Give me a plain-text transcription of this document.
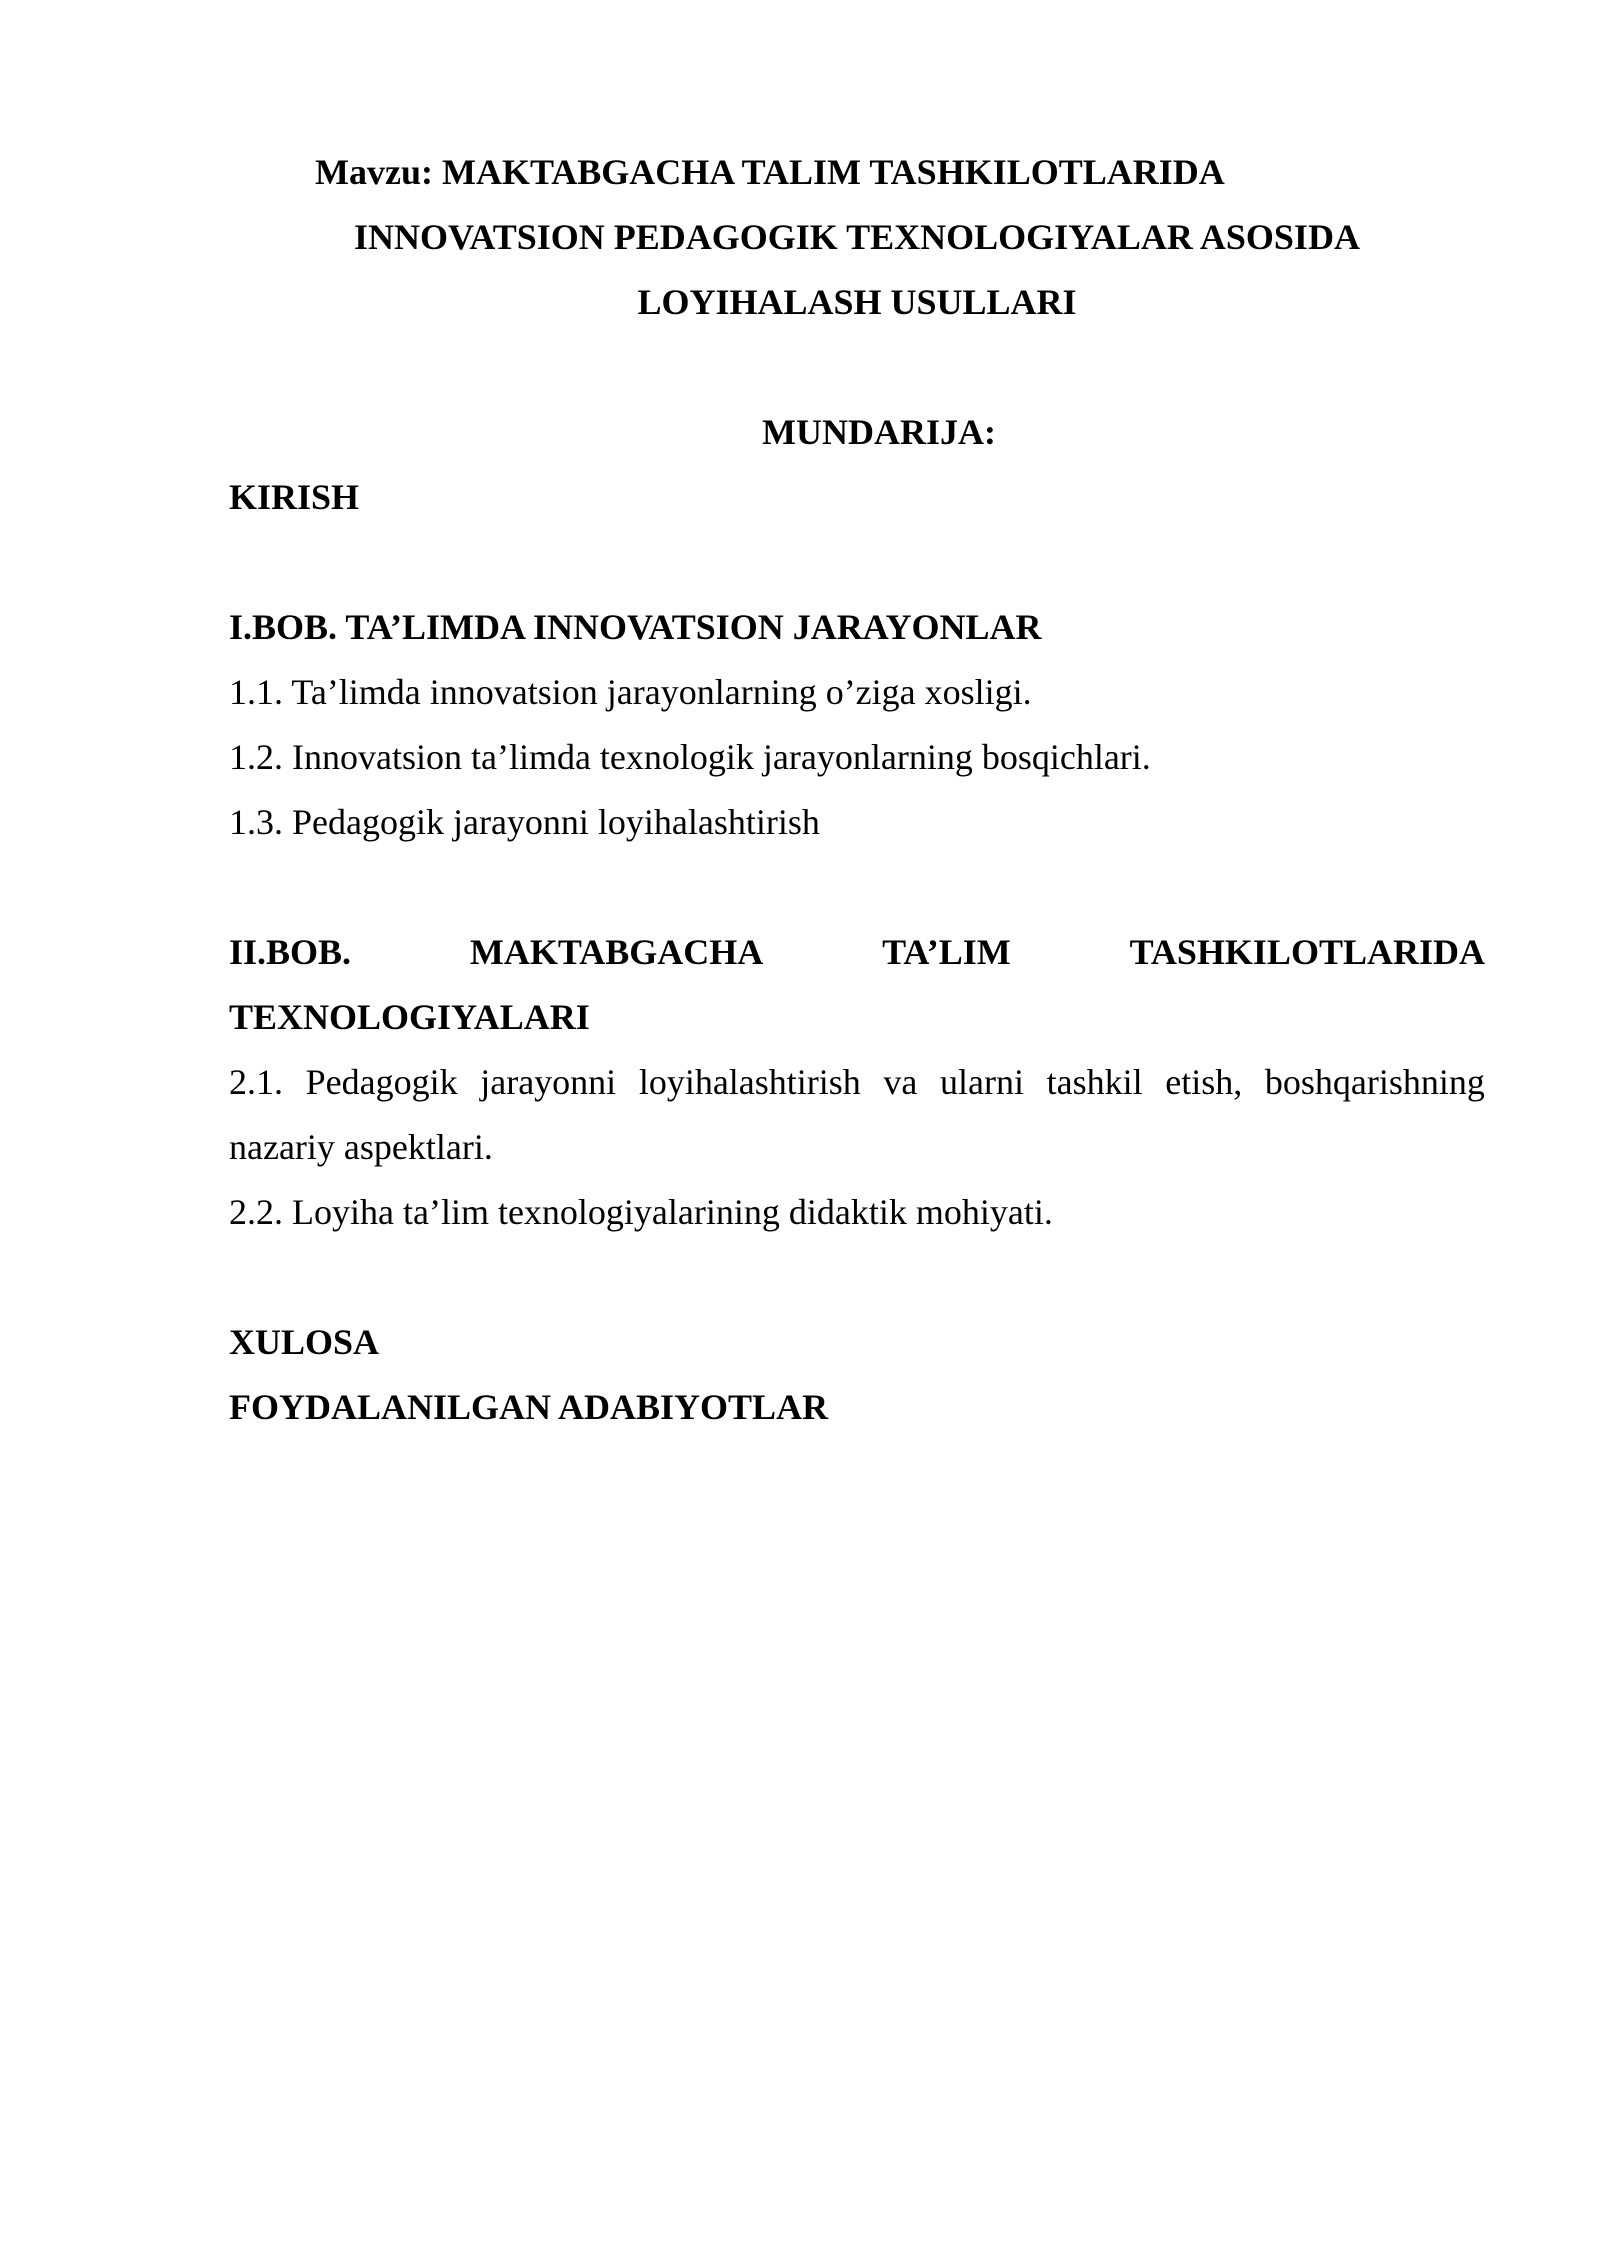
Mavzu: MAKTABGACHA TALIM TASHKILOTLARIDA

INNOVATSION PEDAGOGIK TEXNOLOGIYALAR ASOSIDA

LOYIHALASH USULLARI

MUNDARIJA:

KIRISH

I.BOB. TA’LIMDA INNOVATSION JARAYONLAR

1.1. Ta’limda innovatsion jarayonlarning o’ziga xosligi.

1.2. Innovatsion ta’limda texnologik jarayonlarning bosqichlari.

1.3. Pedagogik jarayonni loyihalashtirish

II.BOB.	MAKTABGACHA	TA’LIM	TASHKILOTLARIDA

TEXNOLOGIYALARI

2.1. Pedagogik jarayonni loyihalashtirish va ularni tashkil etish, boshqarishning

nazariy aspektlari.

2.2. Loyiha ta’lim texnologiyalarining didaktik mohiyati.

XULOSA

FOYDALANILGAN ADABIYOTLAR
